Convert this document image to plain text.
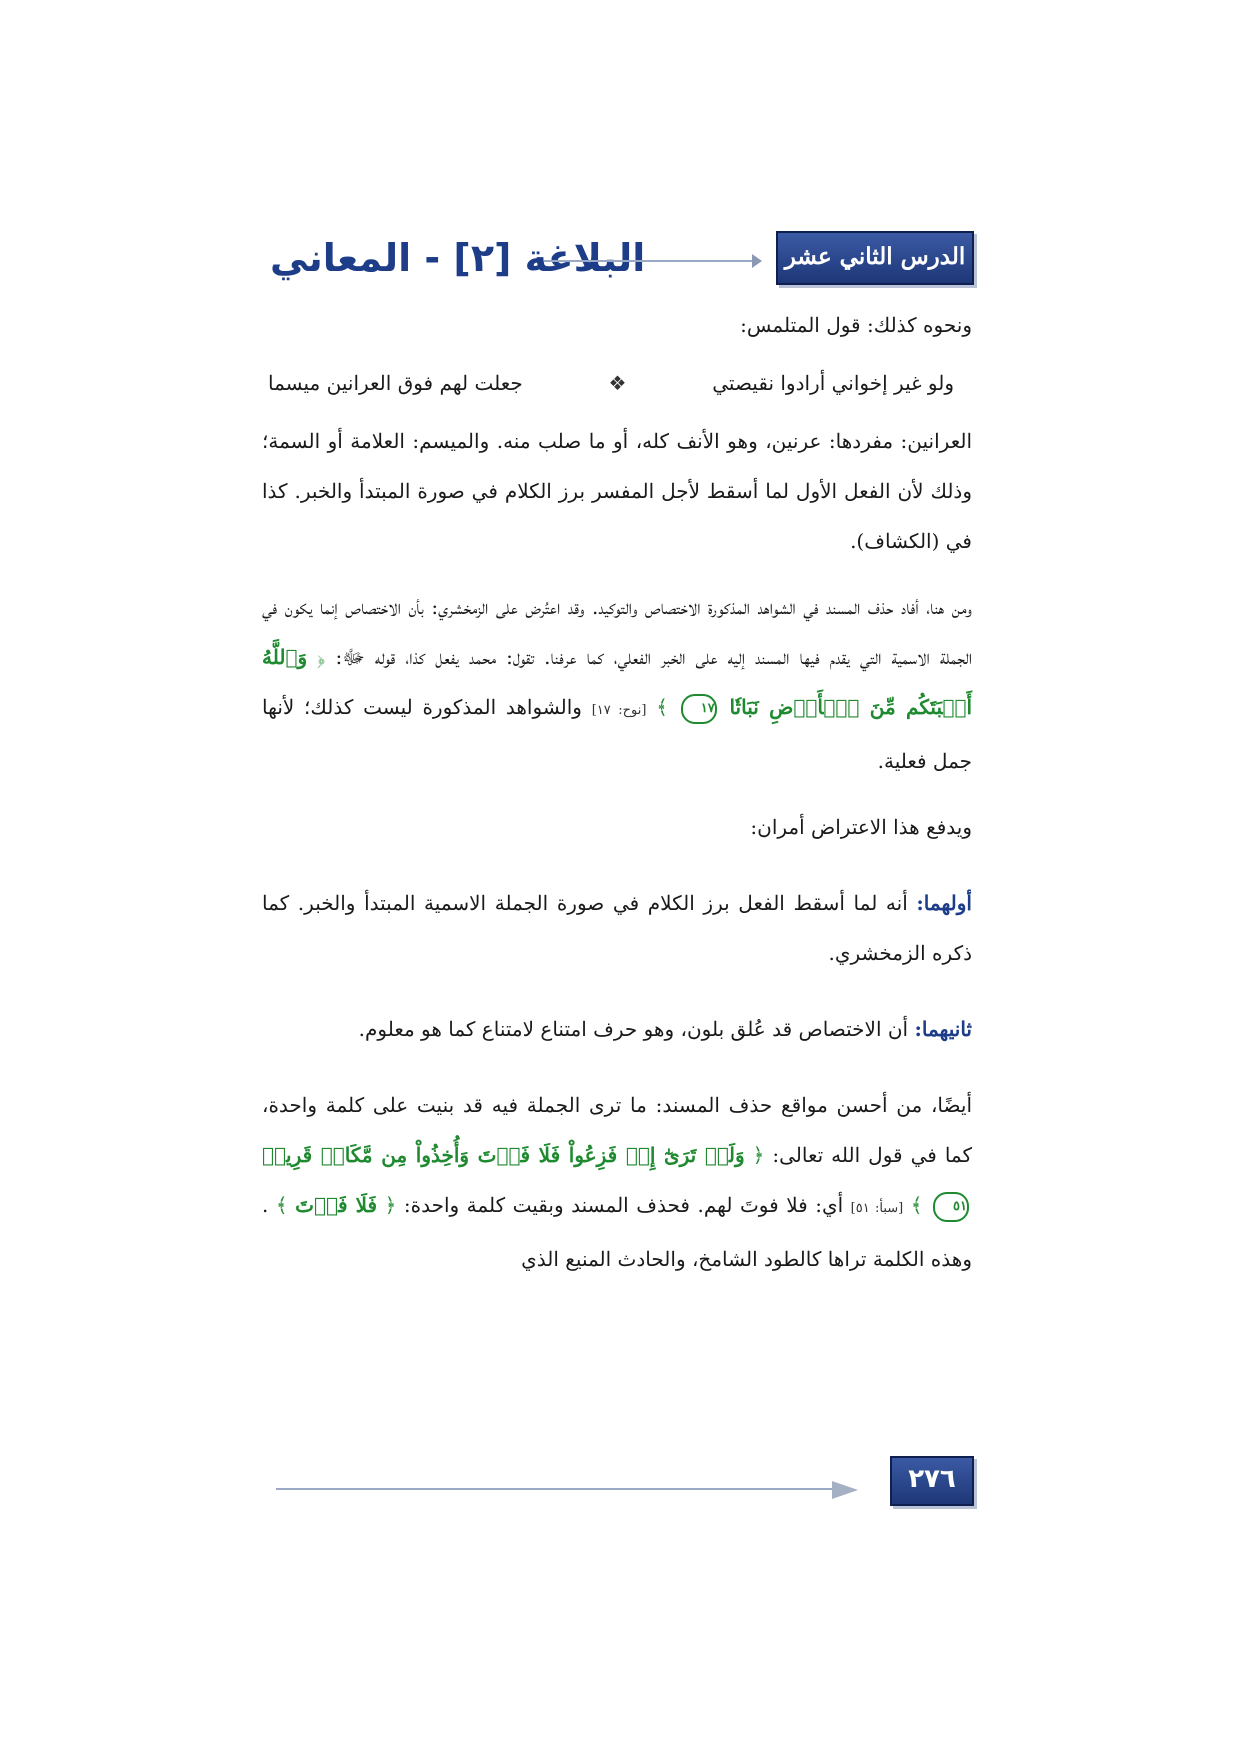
البلاغة [٢] - المعاني	الدرس الثاني عشر

ونحوه كذلك: قول المتلمس:

ولو غير إخواني أرادوا نقيصتي
❖
جعلت لهم فوق العرانين ميسما

العرانين: مفردها: عرنين، وهو الأنف كله، أو ما صلب منه. والميسم: العلامة أو السمة؛ وذلك لأن الفعل الأول لما أسقط لأجل المفسر برز الكلام في صورة المبتدأ والخبر. كذا في (الكشاف).

ومن هنا، أفاد حذف المسند في الشواهد المذكورة الاختصاص والتوكيد. وقد اعتُرض على الزمخشري: بأن الاختصاص إنما يكون في الجملة الاسمية التي يقدم فيها المسند إليه على الخبر الفعلي، كما عرفنا. تقول: محمد يفعل كذا، قوله ﷻ: ﴿ وَٱللَّهُ أَنۢبَتَكُم مِّنَ ٱلۡأَرۡضِ نَبَاتٗا ١٧ ﴾ [نوح: ١٧] والشواهد المذكورة ليست كذلك؛ لأنها جمل فعلية.

ويدفع هذا الاعتراض أمران:

أولهما: أنه لما أسقط الفعل برز الكلام في صورة الجملة الاسمية المبتدأ والخبر. كما ذكره الزمخشري.

ثانيهما: أن الاختصاص قد عُلق بلون، وهو حرف امتناع لامتناع كما هو معلوم.

أيضًا، من أحسن مواقع حذف المسند: ما ترى الجملة فيه قد بنيت على كلمة واحدة، كما في قول الله تعالى: ﴿ وَلَوۡ تَرَىٰٓ إِذۡ فَزِعُواْ فَلَا فَوۡتَ وَأُخِذُواْ مِن مَّكَانٖ قَرِيبٖ ٥١ ﴾ [سبأ: ٥١] أي: فلا فوتَ لهم. فحذف المسند وبقيت كلمة واحدة: ﴿ فَلَا فَوۡتَ ﴾ . وهذه الكلمة تراها كالطود الشامخ، والحادث المنيع الذي

٢٧٦
